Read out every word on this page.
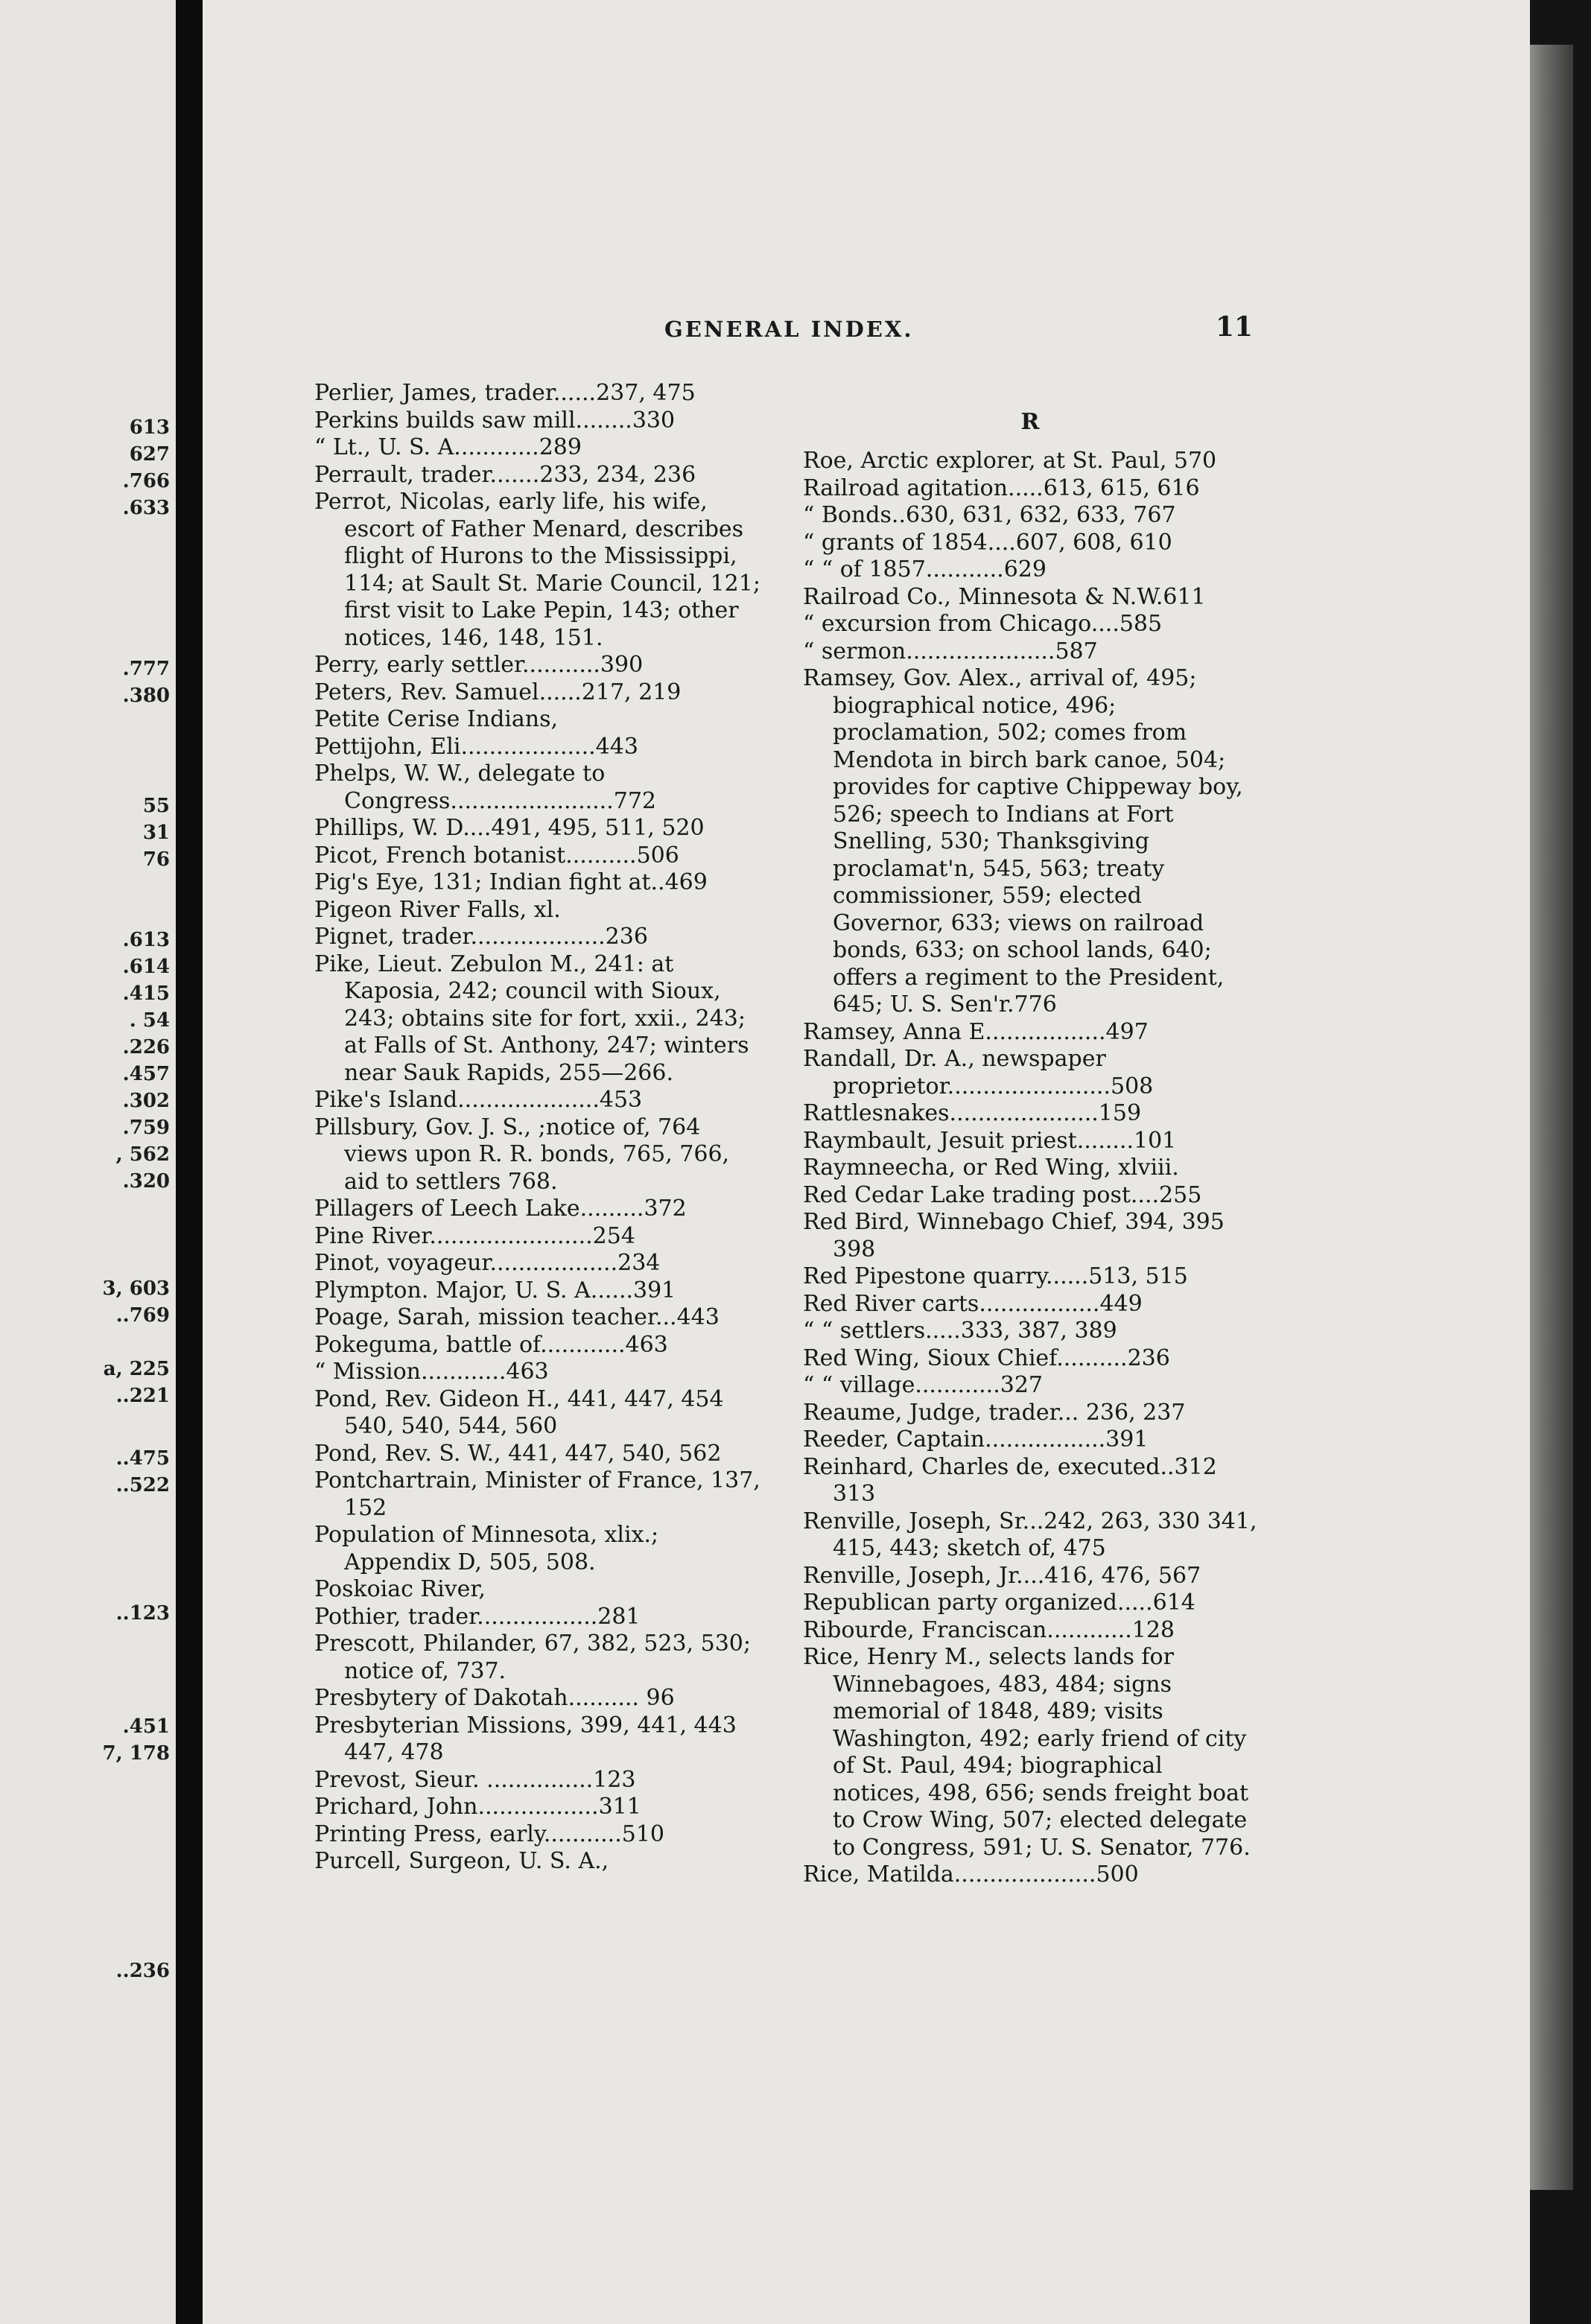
613
627
.766
.633
.777
.380
55
31
76
.613
.614
.415
. 54
.226
.457
.302
.759
, 562
.320
3, 603
..769
a, 225
..221
..475
..522
..123
.451
7, 178
..236
GENERAL INDEX.	11
Perlier, James, trader......237, 475
Perkins builds saw mill........330
“ Lt., U. S. A............289
Perrault, trader.......233, 234, 236
Perrot, Nicolas, early life, his wife, escort of Father Menard, describes flight of Hurons to the Mississippi, 114; at Sault St. Marie Council, 121; first visit to Lake Pepin, 143; other notices, 146, 148, 151.
Perry, early settler...........390
Peters, Rev. Samuel......217, 219
Petite Cerise Indians,
Pettijohn, Eli...................443
Phelps, W. W., delegate to Congress.......................772
Phillips, W. D....491, 495, 511, 520
Picot, French botanist..........506
Pig's Eye, 131; Indian fight at..469
Pigeon River Falls, xl.
Pignet, trader...................236
Pike, Lieut. Zebulon M., 241: at Kaposia, 242; council with Sioux, 243; obtains site for fort, xxii., 243; at Falls of St. Anthony, 247; winters near Sauk Rapids, 255—266.
Pike's Island....................453
Pillsbury, Gov. J. S., ;notice of, 764 views upon R. R. bonds, 765, 766, aid to settlers 768.
Pillagers of Leech Lake.........372
Pine River.......................254
Pinot, voyageur..................234
Plympton. Major, U. S. A......391
Poage, Sarah, mission teacher...443
Pokeguma, battle of............463
“ Mission............463
Pond, Rev. Gideon H., 441, 447, 454 540, 540, 544, 560
Pond, Rev. S. W., 441, 447, 540, 562
Pontchartrain, Minister of France, 137, 152
Population of Minnesota, xlix.; Appendix D, 505, 508.
Poskoiac River,
Pothier, trader.................281
Prescott, Philander, 67, 382, 523, 530; notice of, 737.
Presbytery of Dakotah.......... 96
Presbyterian Missions, 399, 441, 443 447, 478
Prevost, Sieur. ...............123
Prichard, John.................311
Printing Press, early...........510
Purcell, Surgeon, U. S. A.,
R
Roe, Arctic explorer, at St. Paul, 570
Railroad agitation.....613, 615, 616
“ Bonds..630, 631, 632, 633, 767
“ grants of 1854....607, 608, 610
“ “ of 1857...........629
Railroad Co., Minnesota & N.W.611
“ excursion from Chicago....585
“ sermon.....................587
Ramsey, Gov. Alex., arrival of, 495; biographical notice, 496; proclamation, 502; comes from Mendota in birch bark canoe, 504; provides for captive Chippeway boy, 526; speech to Indians at Fort Snelling, 530; Thanksgiving proclamat'n, 545, 563; treaty commissioner, 559; elected Governor, 633; views on railroad bonds, 633; on school lands, 640; offers a regiment to the President, 645; U. S. Sen'r.776
Ramsey, Anna E.................497
Randall, Dr. A., newspaper proprietor.......................508
Rattlesnakes.....................159
Raymbault, Jesuit priest........101
Raymneecha, or Red Wing, xlviii.
Red Cedar Lake trading post....255
Red Bird, Winnebago Chief, 394, 395 398
Red Pipestone quarry......513, 515
Red River carts.................449
“ “ settlers.....333, 387, 389
Red Wing, Sioux Chief..........236
“ “ village............327
Reaume, Judge, trader... 236, 237
Reeder, Captain.................391
Reinhard, Charles de, executed..312 313
Renville, Joseph, Sr...242, 263, 330 341, 415, 443; sketch of, 475
Renville, Joseph, Jr....416, 476, 567
Republican party organized.....614
Ribourde, Franciscan............128
Rice, Henry M., selects lands for Winnebagoes, 483, 484; signs memorial of 1848, 489; visits Washington, 492; early friend of city of St. Paul, 494; biographical notices, 498, 656; sends freight boat to Crow Wing, 507; elected delegate to Congress, 591; U. S. Senator, 776.
Rice, Matilda....................500
